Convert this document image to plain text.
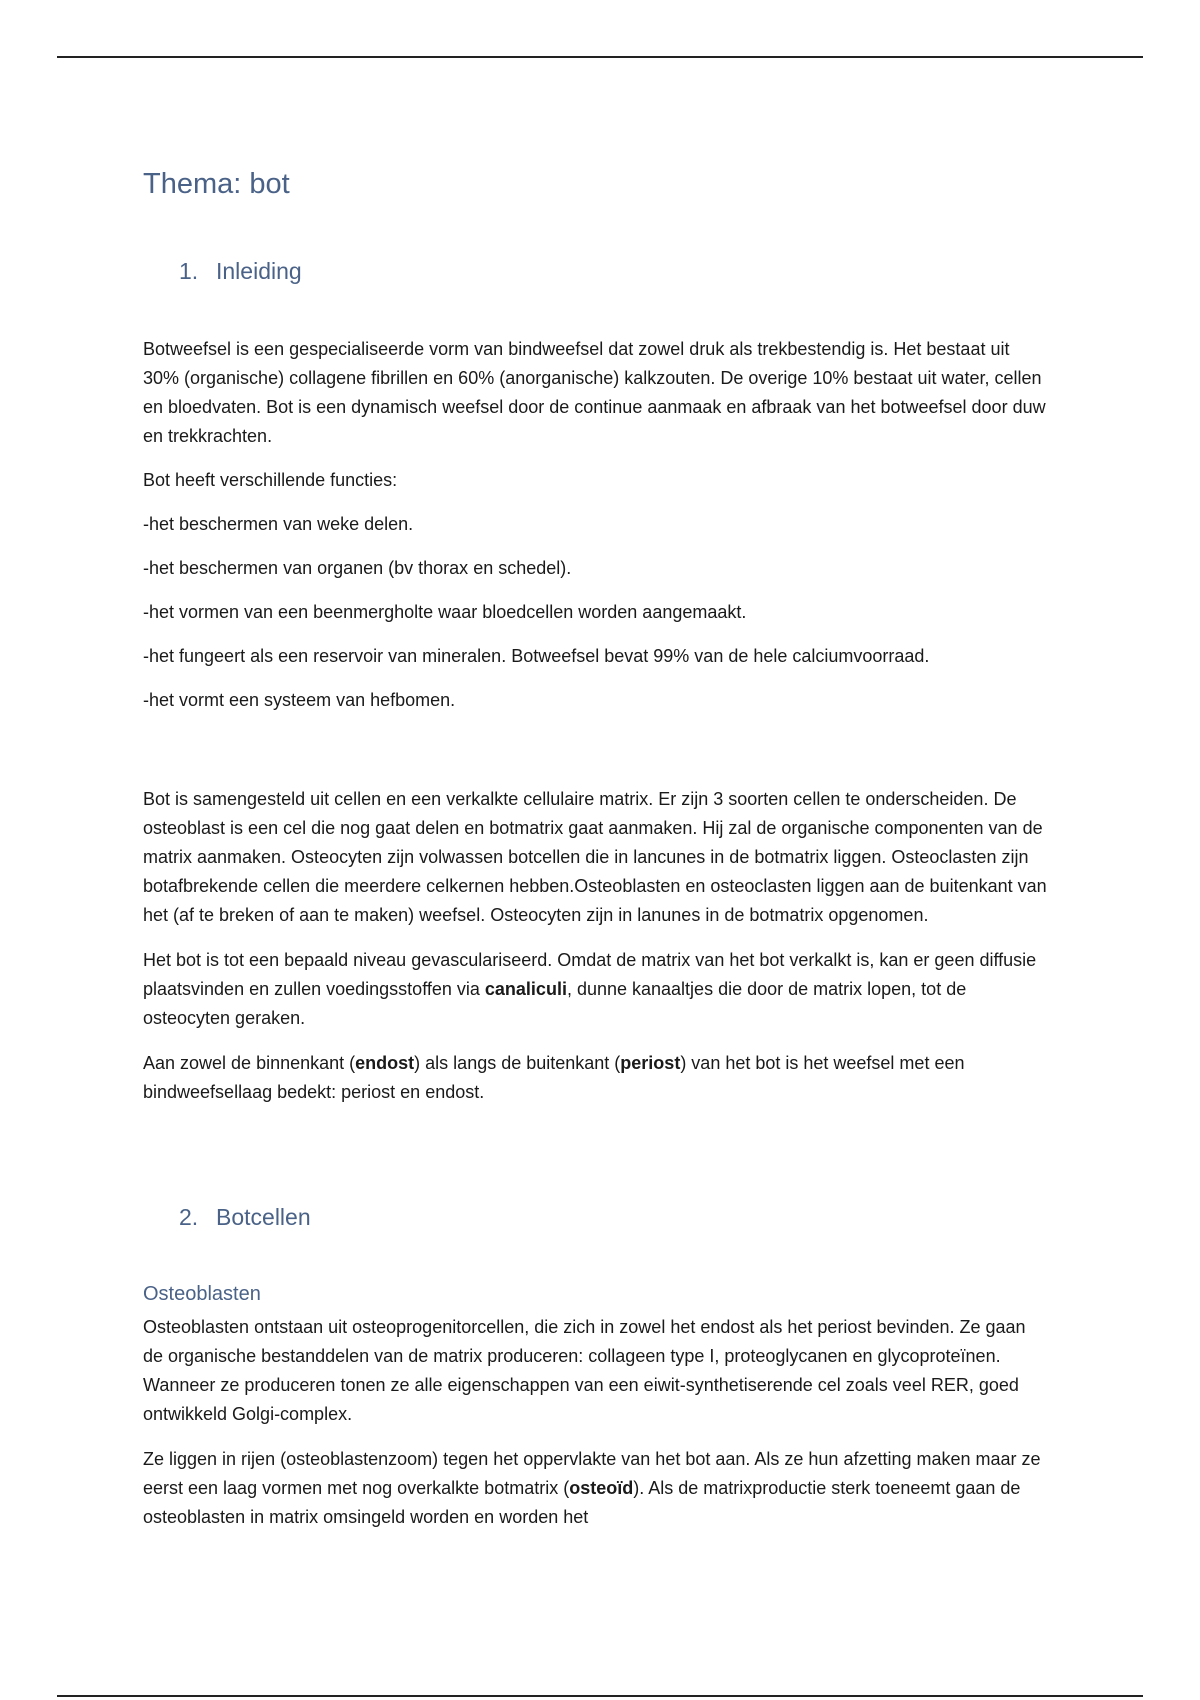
Thema: bot
1. Inleiding

Botweefsel is een gespecialiseerde vorm van bindweefsel dat zowel druk als trekbestendig is. Het bestaat uit 30% (organische) collagene fibrillen en 60% (anorganische) kalkzouten. De overige 10% bestaat uit water, cellen en bloedvaten. Bot is een dynamisch weefsel door de continue aanmaak en afbraak van het botweefsel door duw en trekkrachten.

Bot heeft verschillende functies:

-het beschermen van weke delen.

-het beschermen van organen (bv thorax en schedel).

-het vormen van een beenmergholte waar bloedcellen worden aangemaakt.

-het fungeert als een reservoir van mineralen. Botweefsel bevat 99% van de hele calciumvoorraad.

-het vormt een systeem van hefbomen.

Bot is samengesteld uit cellen en een verkalkte cellulaire matrix. Er zijn 3 soorten cellen te onderscheiden. De osteoblast is een cel die nog gaat delen en botmatrix gaat aanmaken. Hij zal de organische componenten van de matrix aanmaken. Osteocyten zijn volwassen botcellen die in lancunes in de botmatrix liggen. Osteoclasten zijn botafbrekende cellen die meerdere celkernen hebben.Osteoblasten en osteoclasten liggen aan de buitenkant van het (af te breken of aan te maken) weefsel. Osteocyten zijn in lanunes in de botmatrix opgenomen.

Het bot is tot een bepaald niveau gevasculariseerd. Omdat de matrix van het bot verkalkt is, kan er geen diffusie plaatsvinden en zullen voedingsstoffen via canaliculi, dunne kanaaltjes die door de matrix lopen, tot de osteocyten geraken.

Aan zowel de binnenkant (endost) als langs de buitenkant (periost) van het bot is het weefsel met een bindweefsellaag bedekt: periost en endost.

2. Botcellen
Osteoblasten

Osteoblasten ontstaan uit osteoprogenitorcellen, die zich in zowel het endost als het periost bevinden. Ze gaan de organische bestanddelen van de matrix produceren: collageen type I, proteoglycanen en glycoproteïnen. Wanneer ze produceren tonen ze alle eigenschappen van een eiwit-synthetiserende cel zoals veel RER, goed ontwikkeld Golgi-complex.

Ze liggen in rijen (osteoblastenzoom) tegen het oppervlakte van het bot aan. Als ze hun afzetting maken maar ze eerst een laag vormen met nog overkalkte botmatrix (osteoïd). Als de matrixproductie sterk toeneemt gaan de osteoblasten in matrix omsingeld worden en worden het
